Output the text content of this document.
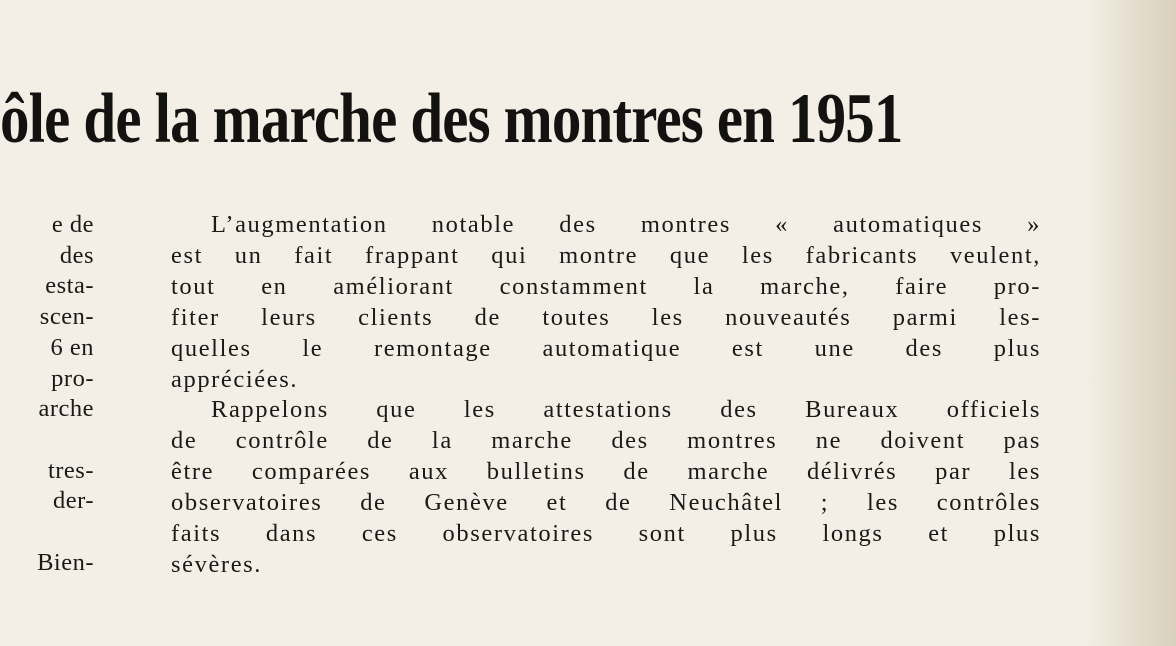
ôle de la marche des montres en 1951
e de
des
esta-
scen-
6 en
pro-
arche
tres-
der-
Bien-
L’augmentation notable des montres « automatiques »
est un fait frappant qui montre que les fabricants veulent,
tout en améliorant constamment la marche, faire pro-
fiter leurs clients de toutes les nouveautés parmi les-
quelles le remontage automatique est une des plus
appréciées.
Rappelons que les attestations des Bureaux officiels
de contrôle de la marche des montres ne doivent pas
être comparées aux bulletins de marche délivrés par les
observatoires de Genève et de Neuchâtel ; les contrôles
faits dans ces observatoires sont plus longs et plus
sévères.
